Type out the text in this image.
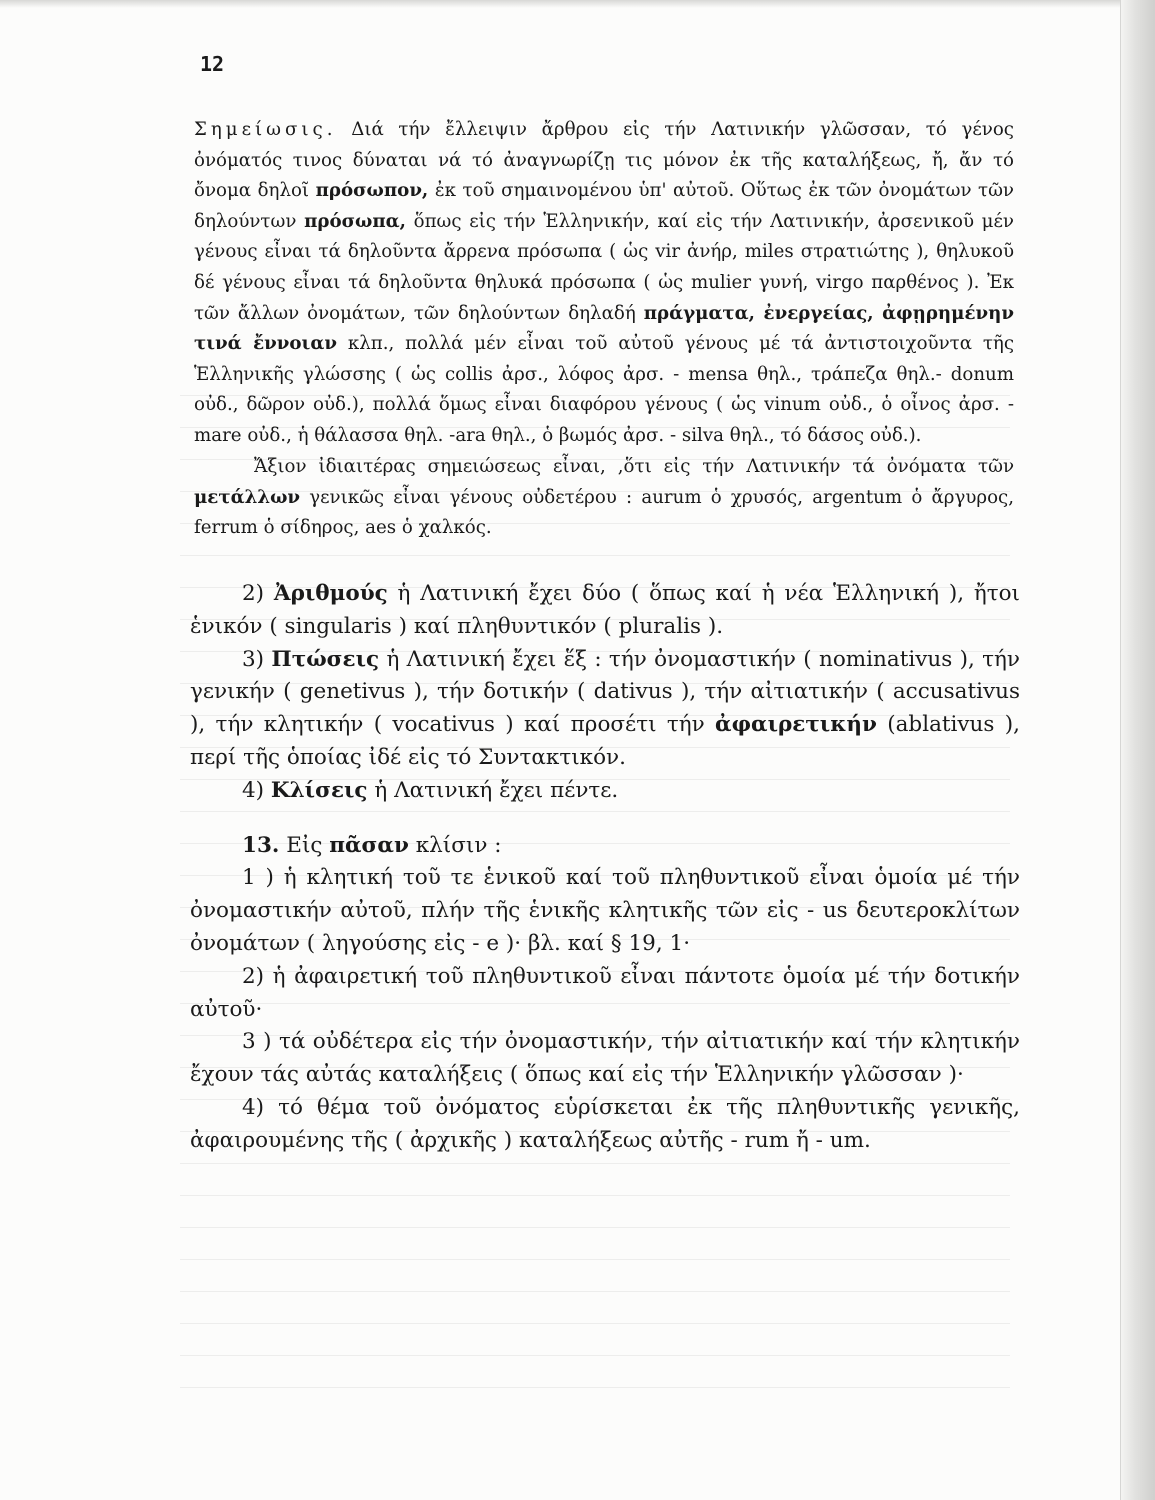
12

Σημείωσις. Διά τήν ἔλλειψιν ἄρθρου εἰς τήν Λατινικήν γλῶσσαν, τό γένος ὀνόματός τινος δύναται νά τό ἀναγνωρίζῃ τις μόνον ἐκ τῆς καταλήξεως, ἤ, ἄν τό ὄνομα δηλοῖ πρόσωπον, ἐκ τοῦ σημαινομένου ὑπ' αὐτοῦ. Οὕτως ἐκ τῶν ὀνομάτων τῶν δηλούντων πρόσωπα, ὅπως εἰς τήν Ἑλληνικήν, καί εἰς τήν Λατινικήν, ἀρσενικοῦ μέν γένους εἶναι τά δηλοῦντα ἄρρενα πρόσωπα ( ὡς vir ἀνήρ, miles στρατιώτης ), θηλυκοῦ δέ γένους εἶναι τά δηλοῦντα θηλυκά πρόσωπα ( ὡς mulier γυνή, virgo παρθένος ). Ἐκ τῶν ἄλλων ὀνομάτων, τῶν δηλούντων δηλαδή πράγματα, ἐνεργείας, ἀφῃρημένην τινά ἔννοιαν κλπ., πολλά μέν εἶναι τοῦ αὐτοῦ γένους μέ τά ἀντιστοιχοῦντα τῆς Ἑλληνικῆς γλώσσης ( ὡς collis ἀρσ., λόφος ἀρσ. - mensa θηλ., τράπεζα θηλ.- donum οὐδ., δῶρον οὐδ.), πολλά ὅμως εἶναι διαφόρου γένους ( ὡς vinum οὐδ., ὁ οἶνος ἀρσ. - mare οὐδ., ἡ θάλασσα θηλ. -ara θηλ., ὁ βωμός ἀρσ. - silva θηλ., τό δάσος οὐδ.).

Ἄξιον ἰδιαιτέρας σημειώσεως εἶναι, ,ὅτι εἰς τήν Λατινικήν τά ὀνόματα τῶν μετάλλων γενικῶς εἶναι γένους οὐδετέρου : aurum ὁ χρυσός, argentum ὁ ἄργυρος, ferrum ὁ σίδηρος, aes ὁ χαλκός.

2) Ἀριθμούς ἡ Λατινική ἔχει δύο ( ὅπως καί ἡ νέα Ἑλληνική ), ἤτοι ἑνικόν ( singularis ) καί πληθυντικόν ( pluralis ).

3) Πτώσεις ἡ Λατινική ἔχει ἕξ : τήν ὀνομαστικήν ( nominativus ), τήν γενικήν ( genetivus ), τήν δοτικήν ( dativus ), τήν αἰτιατικήν ( accusativus ), τήν κλητικήν ( vocativus ) καί προσέτι τήν ἀφαιρετικήν (ablativus ), περί τῆς ὁποίας ἰδέ εἰς τό Συντακτικόν.

4) Κλίσεις ἡ Λατινική ἔχει πέντε.

13. Εἰς πᾶσαν κλίσιν :

1 ) ἡ κλητική τοῦ τε ἑνικοῦ καί τοῦ πληθυντικοῦ εἶναι ὁμοία μέ τήν ὀνομαστικήν αὐτοῦ, πλήν τῆς ἑνικῆς κλητικῆς τῶν εἰς - us δευτεροκλίτων ὀνομάτων ( ληγούσης εἰς - e )· βλ. καί § 19, 1·

2) ἡ ἀφαιρετική τοῦ πληθυντικοῦ εἶναι πάντοτε ὁμοία μέ τήν δοτικήν αὐτοῦ·

3 ) τά οὐδέτερα εἰς τήν ὀνομαστικήν, τήν αἰτιατικήν καί τήν κλητικήν ἔχουν τάς αὐτάς καταλήξεις ( ὅπως καί εἰς τήν Ἑλληνικήν γλῶσσαν )·

4) τό θέμα τοῦ ὀνόματος εὑρίσκεται ἐκ τῆς πληθυντικῆς γενικῆς, ἀφαιρουμένης τῆς ( ἀρχικῆς ) καταλήξεως αὐτῆς - rum ἤ - um.
